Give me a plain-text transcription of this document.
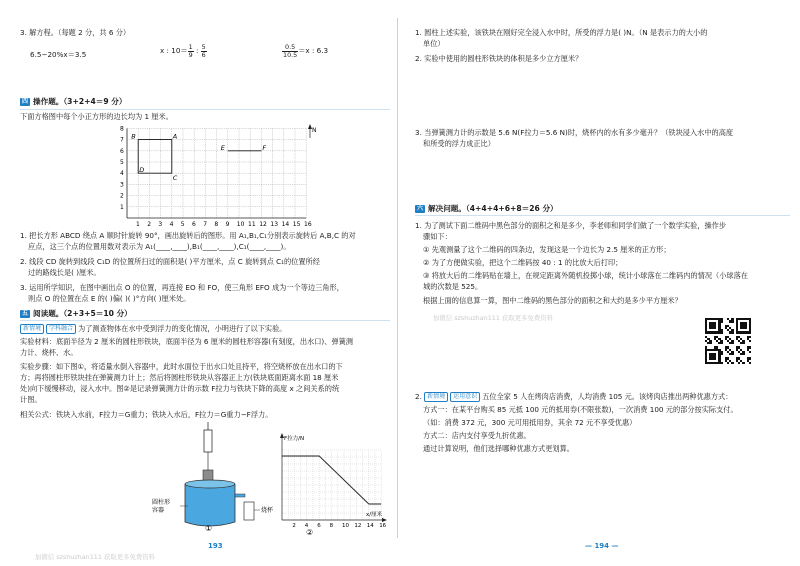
3. 解方程。（每题 2 分，共 6 分）
6.5−20%x＝3.5	x : $10= \frac{1}{9}$ : $\frac{5}{6}$	$\frac{0.5}{10.5} =x$ : 6.3
四 操作题。（3+2+4＝9 分）
下面方格图中每个小正方形的边长均为 1 厘米。
B	A
D
C
E	F
1
2
3
4
5
6
7
8
1 2 3 4 5 6 7 8 9 10 11 12 13 14 15 16
N
1. 把长方形 ABCD 绕点 A 顺时针旋转 90°，画出旋转后的图形。用 A₁,B₁,C₁分别表示旋转后 A,B,C 的对
应点，这三个点的位置用数对表示为 A₁(____,____),B₁(____,____),C₁(____,____)。
2. 线段 CD 旋转到线段 C₁D 的位置所扫过的面积是( )平方厘米，点 C 旋转到点 C₁的位置所经
过的路线长是( )厘米。
3. 运用所学知识，在图中画出点 O 的位置，再连接 EO 和 FO，使三角形 EFO 成为一个等边三角形，
则点 O 的位置在点 E 的( )偏( )( )°方向( )厘米处。
五 阅读题。（2+3+5＝10 分）
新情境 学科融合 为了测查物体在水中受到浮力的变化情况，小明进行了以下实验。
实验材料：底面半径为 2 厘米的圆柱形铁块，底面半径为 6 厘米的圆柱形容器(有刻度，出水口)、弹簧测
力计、烧杯、水。
实验步骤：如下图①，将适量水倒入容器中，此时水面位于出水口处且持平，将空烧杯放在出水口的下
方；再将圆柱形铁块挂在弹簧测力计上；然后将圆柱形铁块从容器正上方(铁块底面距离水面 18 厘米
处)向下缓慢移动，浸入水中。图②是记录弹簧测力计的示数 F拉力与铁块下降的高度 x 之间关系的统
计图。
相关公式：铁块入水前，F拉力＝G重力；铁块入水后，F拉力＝G重力−F浮力。
圆柱形
容器	烧杯
①
F拉力/N
x/厘米
2 4 6 8 10 12 14 16
②
193
加微信 szshuzhan111 获取更多免费资料
1. 圆柱上述实验，该铁块在刚好完全浸入水中时，所受的浮力是( )N。（N 是表示力的大小的
单位）
2. 实验中使用的圆柱形铁块的体积是多少立方厘米？
3. 当弹簧测力计的示数是 5.6 N(F拉力＝5.6 N)时，烧杯内的水有多少毫升？（铁块浸入水中的高度
和所受的浮力成正比）
六 解决问题。（4+4+4+6+8＝26 分）
1. 为了测试下面二维码中黑色部分的面积之和是多少，李老师和同学们做了一个数学实验，操作步
骤如下：
① 先观测量了这个二维码的四条边，发现这是一个边长为 2.5 厘米的正方形；
② 为了方便做实验，把这个二维码按 40 : 1 的比放大后打印；
③ 将放大后的二维码贴在墙上，在规定距离外随机投掷小球，统计小球落在二维码内的情况（小球落在
城的次数是 525。
根据上面的信息算一算，图中二维码的黑色部分的面积之和大约是多少平方厘米？
加微信 szshuzhan111 获取更多免费资料
2. 新情境 运用意识 五位全家 5 人在烤肉店消费，人均消费 105 元。该烤肉店推出两种优惠方式：
方式一：在某平台购买 85 元抵 100 元的抵用券(不限张数)，一次消费 100 元的部分按实际支付。
（如：消费 372 元，300 元可用抵用券，其余 72 元不享受优惠）
方式二：店内支付享受九折优惠。
通过计算说明，他们选择哪种优惠方式更划算。
— 194 —
